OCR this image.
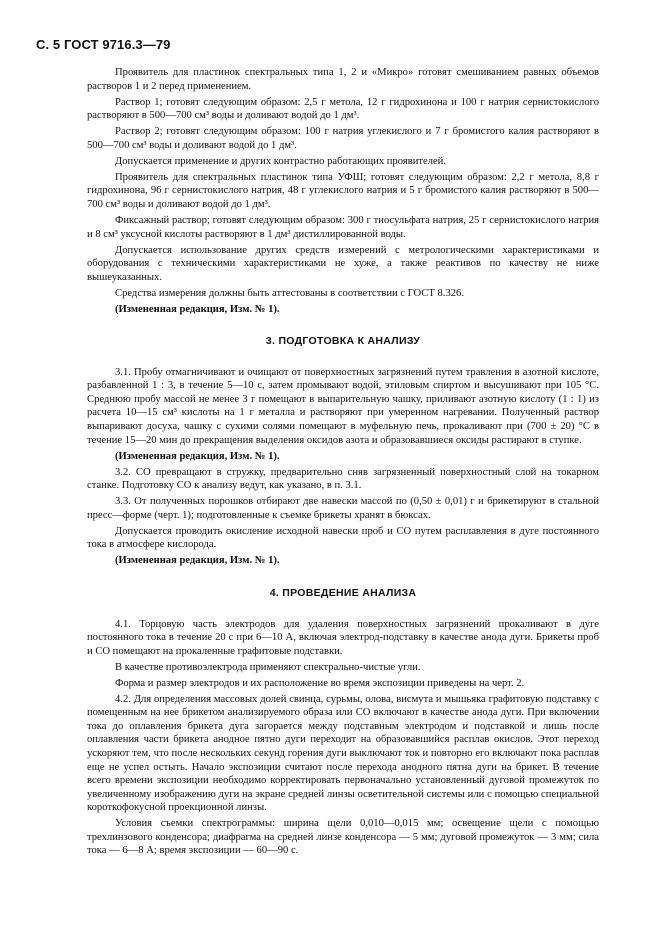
С. 5 ГОСТ 9716.3—79

Проявитель для пластинок спектральных типа 1, 2 и «Микро» готовят смешиванием равных объемов растворов 1 и 2 перед применением.

Раствор 1; готовят следующим образом: 2,5 г метола, 12 г гидрохинона и 100 г натрия сернистокислого растворяют в 500—700 см³ воды и доливают водой до 1 дм³.

Раствор 2; готовят следующим образом: 100 г натрия углекислого и 7 г бромистого калия растворяют в 500—700 см³ воды и доливают водой до 1 дм³.

Допускается применение и других контрастно работающих проявителей.

Проявитель для спектральных пластинок типа УФШ; готовят следующим образом: 2,2 г метола, 8,8 г гидрохинона, 96 г сернистокислого натрия, 48 г углекислого натрия и 5 г бромистого калия растворяют в 500—700 см³ воды и доливают водой до 1 дм³.

Фиксажный раствор; готовят следующим образом: 300 г тиосульфата натрия, 25 г сернистокислого натрия и 8 см³ уксусной кислоты растворяют в 1 дм³ дистиллированной воды.

Допускается использование других средств измерений с метрологическими характеристиками и оборудования с техническими характеристиками не хуже, а также реактивов по качеству не ниже вышеуказанных.

Средства измерения должны быть аттестованы в соответствии с ГОСТ 8.326.

(Измененная редакция, Изм. № 1).

3. ПОДГОТОВКА К АНАЛИЗУ

3.1. Пробу отмагничивают и очищают от поверхностных загрязнений путем травления в азотной кислоте, разбавленной 1 : 3, в течение 5—10 с, затем промывают водой, этиловым спиртом и высушивают при 105 °С. Среднюю пробу массой не менее 3 г помещают в выпарительную чашку, приливают азотную кислоту (1 : 1) из расчета 10—15 см³ кислоты на 1 г металла и растворяют при умеренном нагревании. Полученный раствор выпаривают досуха, чашку с сухими солями помещают в муфельную печь, прокаливают при (700 ± 20) °С в течение 15—20 мин до прекращения выделения оксидов азота и образовавшиеся оксиды растирают в ступке.

(Измененная редакция, Изм. № 1).

3.2. СО превращают в стружку, предварительно сняв загрязненный поверхностный слой на токарном станке. Подготовку СО к анализу ведут, как указано, в п. 3.1.

3.3. От полученных порошков отбирают две навески массой по (0,50 ± 0,01) г и брикетируют в стальной пресс—форме (черт. 1); подготовленные к съемке брикеты хранят в бюксах.

Допускается проводить окисление исходной навески проб и СО путем расплавления в дуге постоянного тока в атмосфере кислорода.

(Измененная редакция, Изм. № 1).

4. ПРОВЕДЕНИЕ АНАЛИЗА

4.1. Торцовую часть электродов для удаления поверхностных загрязнений прокаливают в дуге постоянного тока в течение 20 с при 6—10 А, включая электрод-подставку в качестве анода дуги. Брикеты проб и СО помещают на прокаленные графитовые подставки.

В качестве противоэлектрода применяют спектрально-чистые угли.

Форма и размер электродов и их расположение во время экспозиции приведены на черт. 2.

4.2. Для определения массовых долей свинца, сурьмы, олова, висмута и мышьяка графитовую подставку с помещенным на нее брикетом анализируемого образа или СО включают в качестве анода дуги. При включении тока до оплавления брикета дуга загорается между подставным электродом и подставкой и лишь после оплавления части брикета анодное пятно дуги переходит на образовавшийся расплав окислов. Этот переход ускоряют тем, что после нескольких секунд горения дуги выключают ток и повторно его включают пока расплав еще не успел остыть. Начало экспозиции считают после перехода анодного пятна дуги на брикет. В течение всего времени экспозиции необходимо корректировать первоначально установленный дуговой промежуток по увеличенному изображению дуги на экране средней линзы осветительной системы или с помощью специальной короткофокусной проекционной линзы.

Условия съемки спектрограммы: ширина щели 0,010—0,015 мм; освещение щели с помощью трехлинзового конденсора; диафрагма на средней линзе конденсора — 5 мм; дуговой промежуток — 3 мм; сила тока — 6—8 А; время экспозиции — 60—90 с.
